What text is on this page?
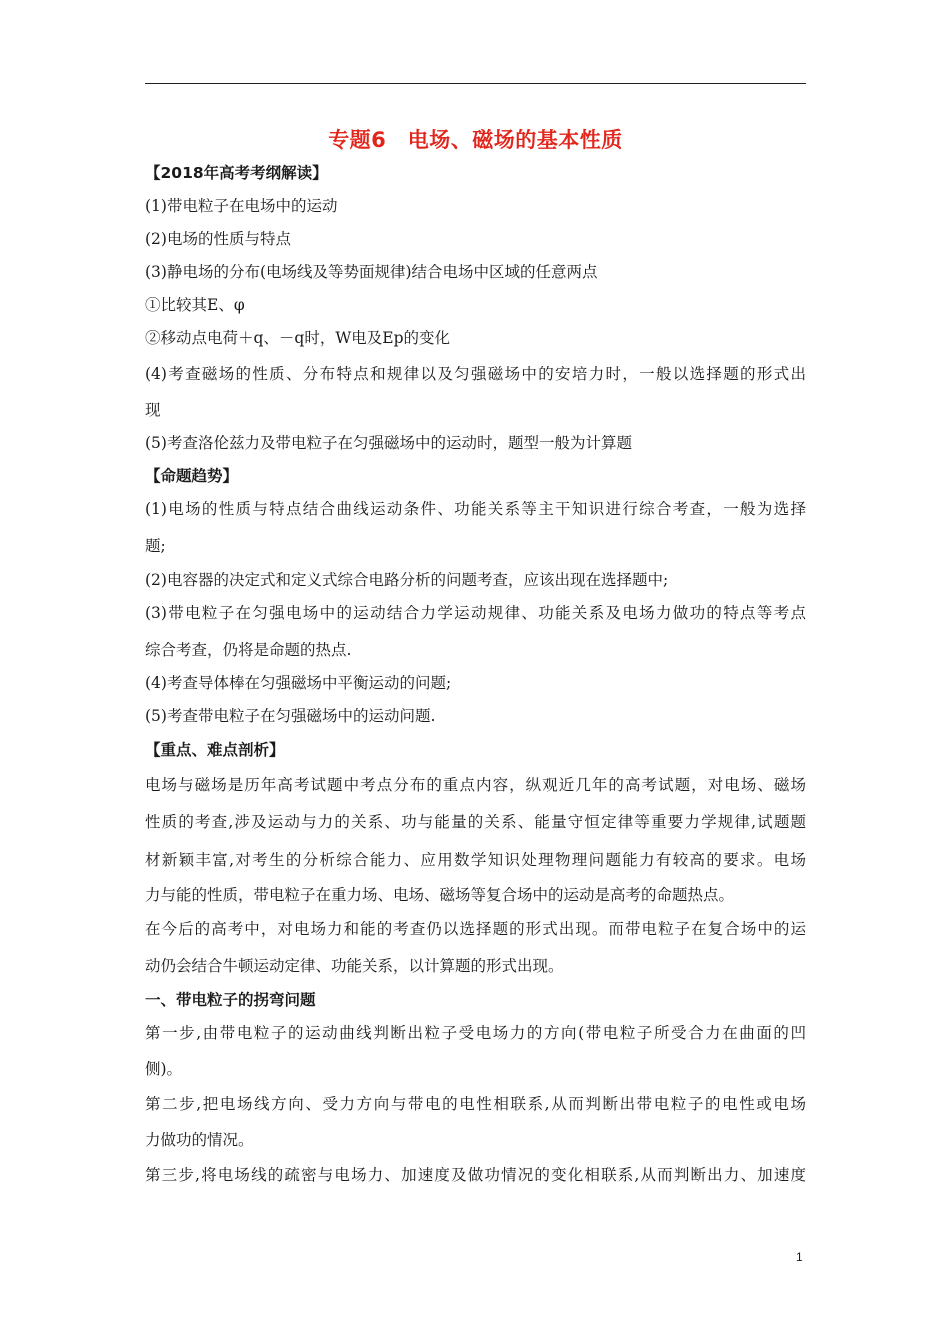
专题6　电场、磁场的基本性质
【2018年高考考纲解读】
(1)带电粒子在电场中的运动
(2)电场的性质与特点
(3)静电场的分布(电场线及等势面规律)结合电场中区域的任意两点
①比较其E、φ
②移动点电荷＋q、－q时，W电及Ep的变化
(4)考查磁场的性质、分布特点和规律以及匀强磁场中的安培力时，一般以选择题的形式出
现
(5)考查洛伦兹力及带电粒子在匀强磁场中的运动时，题型一般为计算题
【命题趋势】
(1)电场的性质与特点结合曲线运动条件、功能关系等主干知识进行综合考查，一般为选择
题;
(2)电容器的决定式和定义式综合电路分析的问题考查，应该出现在选择题中;
(3)带电粒子在匀强电场中的运动结合力学运动规律、功能关系及电场力做功的特点等考点
综合考查，仍将是命题的热点.
(4)考查导体棒在匀强磁场中平衡运动的问题;
(5)考查带电粒子在匀强磁场中的运动问题.
【重点、难点剖析】
电场与磁场是历年高考试题中考点分布的重点内容，纵观近几年的高考试题，对电场、磁场
性质的考查,涉及运动与力的关系、功与能量的关系、能量守恒定律等重要力学规律,试题题
材新颖丰富,对考生的分析综合能力、应用数学知识处理物理问题能力有较高的要求。电场
力与能的性质，带电粒子在重力场、电场、磁场等复合场中的运动是高考的命题热点。
在今后的高考中，对电场力和能的考查仍以选择题的形式出现。而带电粒子在复合场中的运
动仍会结合牛顿运动定律、功能关系，以计算题的形式出现。
一、带电粒子的拐弯问题
第一步,由带电粒子的运动曲线判断出粒子受电场力的方向(带电粒子所受合力在曲面的凹
侧)。
第二步,把电场线方向、受力方向与带电的电性相联系,从而判断出带电粒子的电性或电场
力做功的情况。
第三步,将电场线的疏密与电场力、加速度及做功情况的变化相联系,从而判断出力、加速度
1
